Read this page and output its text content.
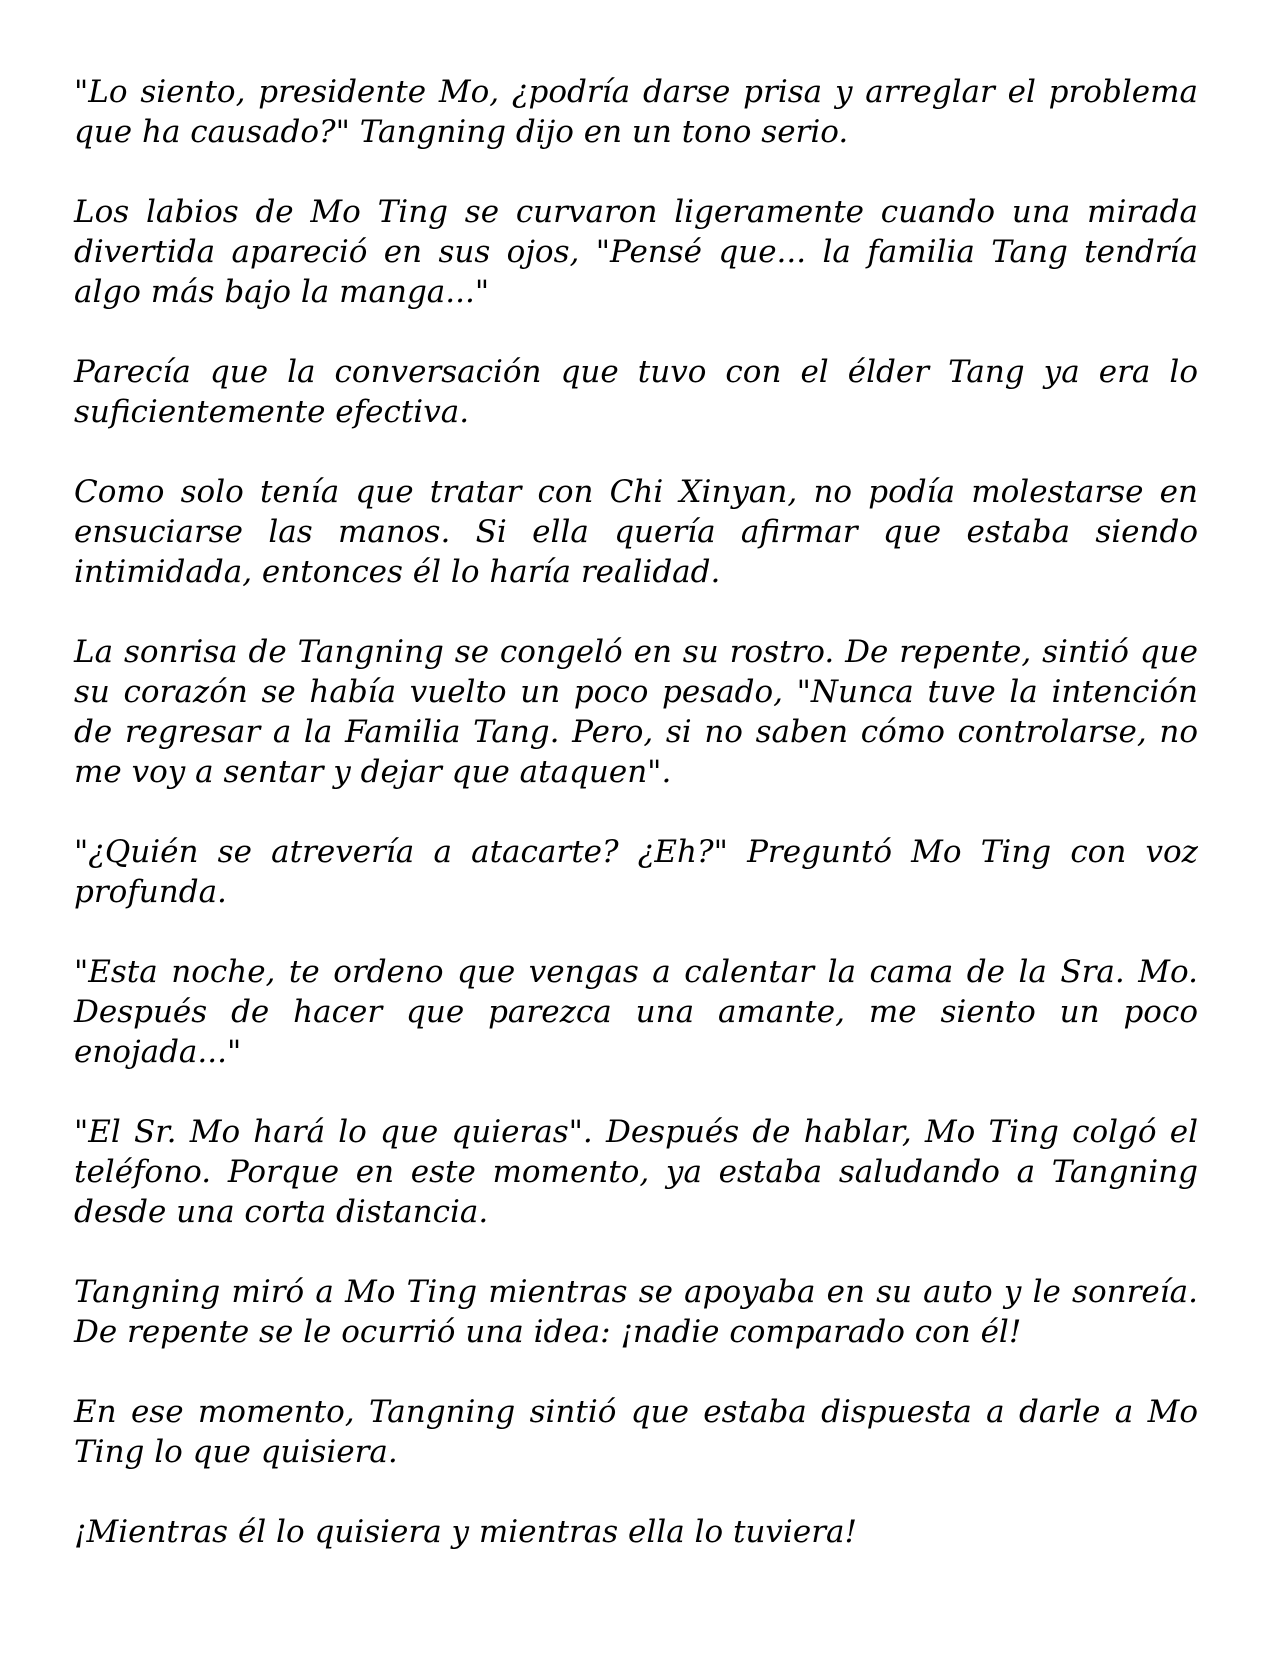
"Lo siento, presidente Mo, ¿podría darse prisa y arreglar el problema que ha causado?" Tangning dijo en un tono serio.

Los labios de Mo Ting se curvaron ligeramente cuando una mirada divertida apareció en sus ojos, "Pensé que... la familia Tang tendría algo más bajo la manga..."

Parecía que la conversación que tuvo con el élder Tang ya era lo suficientemente efectiva.

Como solo tenía que tratar con Chi Xinyan, no podía molestarse en ensuciarse las manos. Si ella quería afirmar que estaba siendo intimidada, entonces él lo haría realidad.

La sonrisa de Tangning se congeló en su rostro. De repente, sintió que su corazón se había vuelto un poco pesado, "Nunca tuve la intención de regresar a la Familia Tang. Pero, si no saben cómo controlarse, no me voy a sentar y dejar que ataquen".

"¿Quién se atrevería a atacarte? ¿Eh?" Preguntó Mo Ting con voz profunda.

"Esta noche, te ordeno que vengas a calentar la cama de la Sra. Mo. Después de hacer que parezca una amante, me siento un poco enojada..."

"El Sr. Mo hará lo que quieras". Después de hablar, Mo Ting colgó el teléfono. Porque en este momento, ya estaba saludando a Tangning desde una corta distancia.

Tangning miró a Mo Ting mientras se apoyaba en su auto y le sonreía. De repente se le ocurrió una idea: ¡nadie comparado con él!

En ese momento, Tangning sintió que estaba dispuesta a darle a Mo Ting lo que quisiera.

¡Mientras él lo quisiera y mientras ella lo tuviera!
